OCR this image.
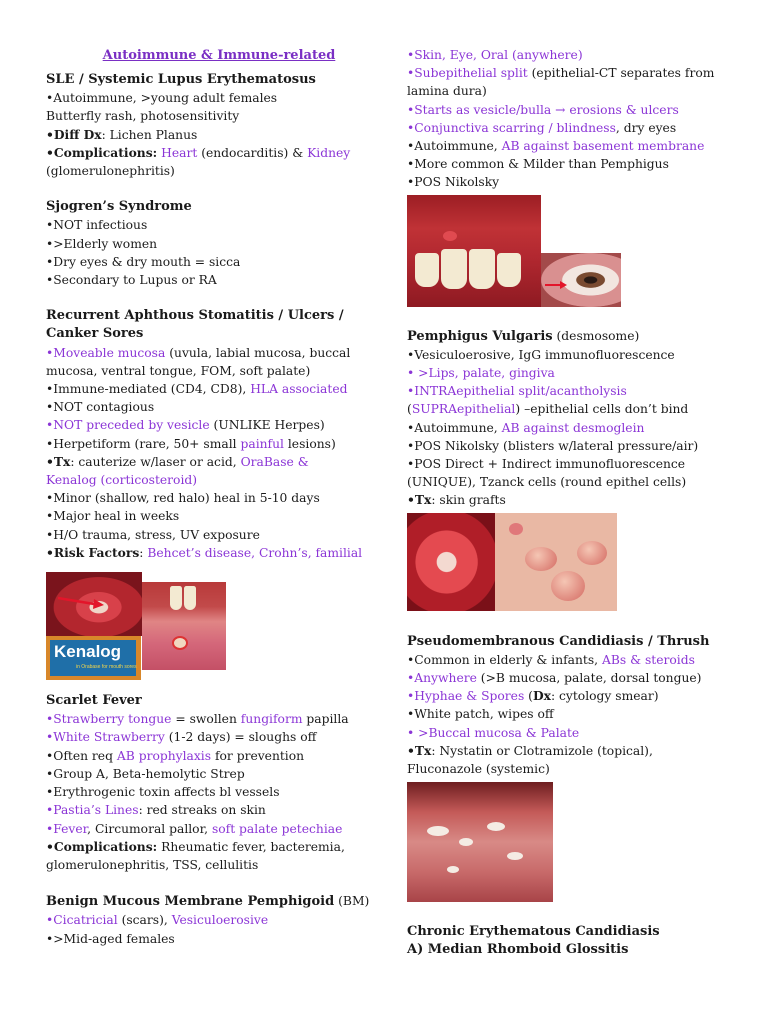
Autoimmune & Immune-related
SLE / Systemic Lupus Erythematosus
•Autoimmune, >young adult females
Butterfly rash, photosensitivity
•Diff Dx: Lichen Planus
•Complications: Heart (endocarditis) & Kidney
(glomerulonephritis)
Sjogren’s Syndrome
•NOT infectious
•>Elderly women
•Dry eyes & dry mouth = sicca
•Secondary to Lupus or RA
Recurrent Aphthous Stomatitis / Ulcers /
Canker Sores
•Moveable mucosa (uvula, labial mucosa, buccal
mucosa, ventral tongue, FOM, soft palate)
•Immune-mediated (CD4, CD8), HLA associated
•NOT contagious
•NOT preceded by vesicle (UNLIKE Herpes)
•Herpetiform (rare, 50+ small painful lesions)
•Tx: cauterize w/laser or acid, OraBase &
Kenalog (corticosteroid)
•Minor (shallow, red halo) heal in 5-10 days
•Major heal in weeks
•H/O trauma, stress, UV exposure
•Risk Factors: Behcet’s disease, Crohn’s, familial
Kenalog
in Orabase for mouth sores
Scarlet Fever
•Strawberry tongue = swollen fungiform papilla
•White Strawberry (1-2 days) = sloughs off
•Often req AB prophylaxis for prevention
•Group A, Beta-hemolytic Strep
•Erythrogenic toxin affects bl vessels
•Pastia’s Lines: red streaks on skin
•Fever, Circumoral pallor, soft palate petechiae
•Complications: Rheumatic fever, bacteremia,
glomerulonephritis, TSS, cellulitis
Benign Mucous Membrane Pemphigoid (BM)
•Cicatricial (scars), Vesiculoerosive
•>Mid-aged females
•Skin, Eye, Oral (anywhere)
•Subepithelial split (epithelial-CT separates from
lamina dura)
•Starts as vesicle/bulla → erosions & ulcers
•Conjunctiva scarring / blindness, dry eyes
•Autoimmune, AB against basement membrane
•More common & Milder than Pemphigus
•POS Nikolsky
Pemphigus Vulgaris (desmosome)
•Vesiculoerosive, IgG immunofluorescence
• >Lips, palate, gingiva
•INTRAepithelial split/acantholysis
(SUPRAepithelial) –epithelial cells don’t bind
•Autoimmune, AB against desmoglein
•POS Nikolsky (blisters w/lateral pressure/air)
•POS Direct + Indirect immunofluorescence
(UNIQUE), Tzanck cells (round epithel cells)
•Tx: skin grafts
Pseudomembranous Candidiasis / Thrush
•Common in elderly & infants, ABs & steroids
•Anywhere (>B mucosa, palate, dorsal tongue)
•Hyphae & Spores (Dx: cytology smear)
•White patch, wipes off
• >Buccal mucosa & Palate
•Tx: Nystatin or Clotramizole (topical),
Fluconazole (systemic)
Chronic Erythematous Candidiasis
A) Median Rhomboid Glossitis
